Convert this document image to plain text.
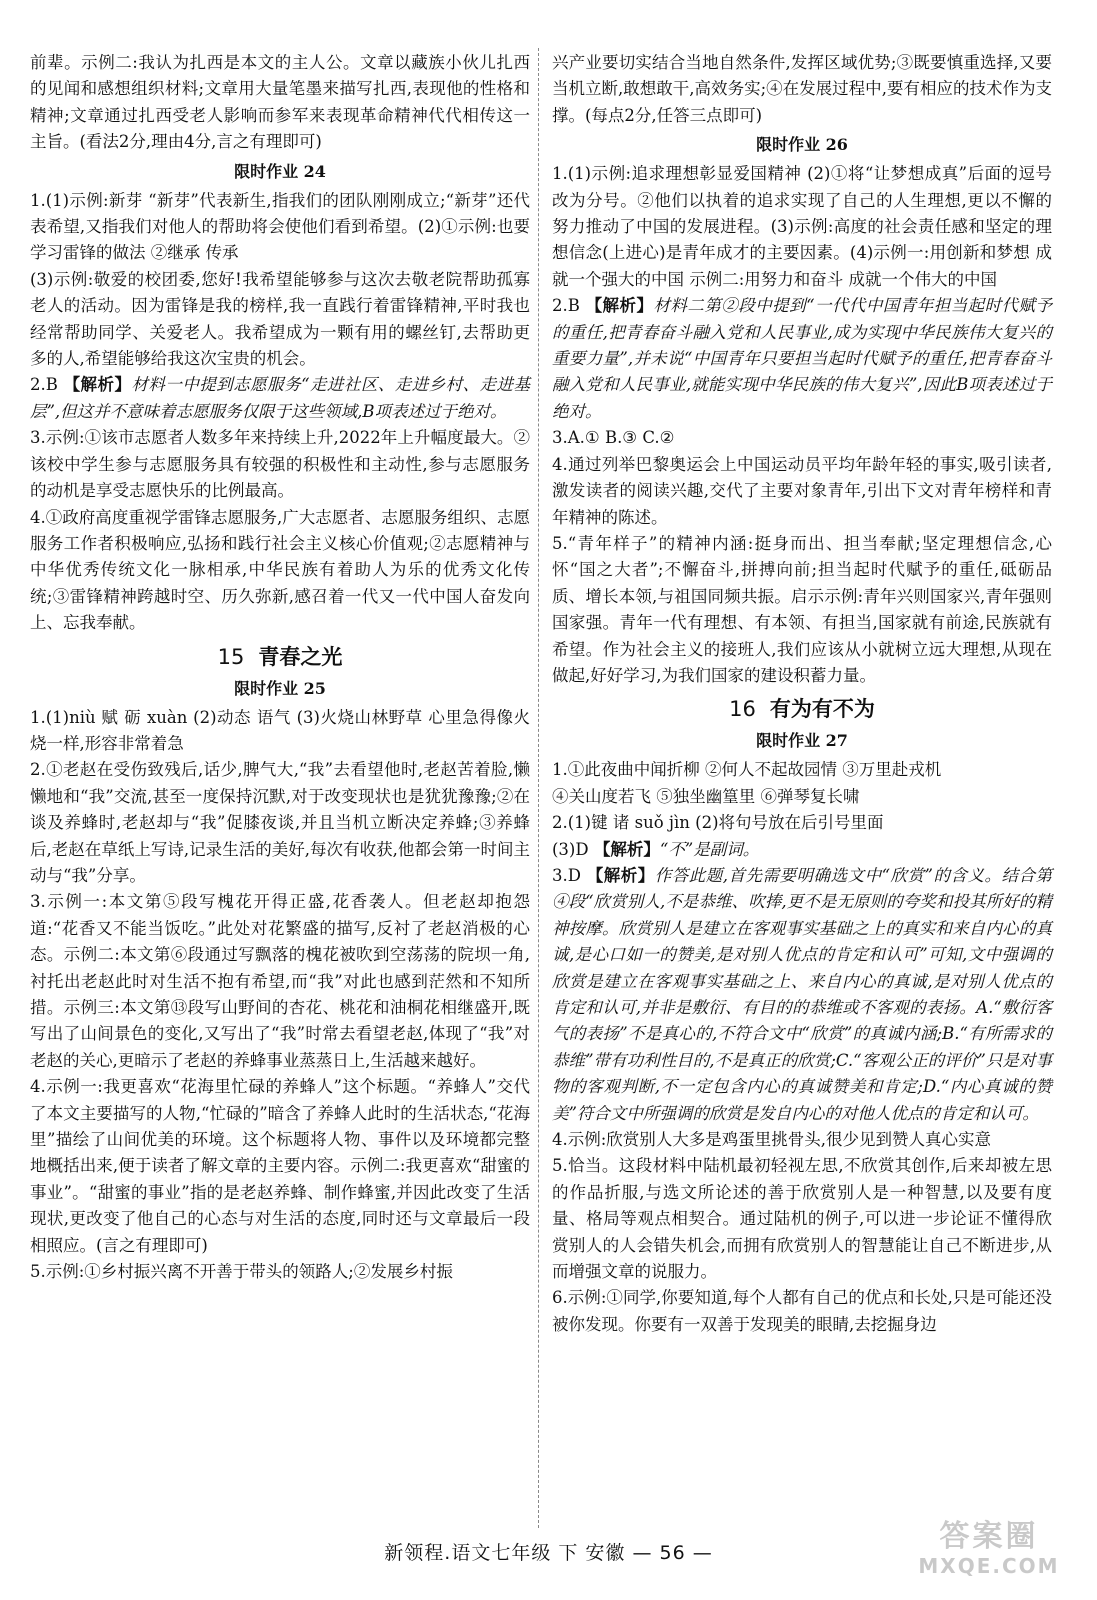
前辈。示例二:我认为扎西是本文的主人公。文章以藏族小伙儿扎西的见闻和感想组织材料;文章用大量笔墨来描写扎西,表现他的性格和精神;文章通过扎西受老人影响而参军来表现革命精神代代相传这一主旨。(看法2分,理由4分,言之有理即可)

限时作业 24

1.(1)示例:新芽 “新芽”代表新生,指我们的团队刚刚成立;“新芽”还代表希望,又指我们对他人的帮助将会使他们看到希望。(2)①示例:也要学习雷锋的做法 ②继承 传承

(3)示例:敬爱的校团委,您好!我希望能够参与这次去敬老院帮助孤寡老人的活动。因为雷锋是我的榜样,我一直践行着雷锋精神,平时我也经常帮助同学、关爱老人。我希望成为一颗有用的螺丝钉,去帮助更多的人,希望能够给我这次宝贵的机会。

2.B 【解析】材料一中提到志愿服务“走进社区、走进乡村、走进基层”,但这并不意味着志愿服务仅限于这些领域,B项表述过于绝对。

3.示例:①该市志愿者人数多年来持续上升,2022年上升幅度最大。②该校中学生参与志愿服务具有较强的积极性和主动性,参与志愿服务的动机是享受志愿快乐的比例最高。

4.①政府高度重视学雷锋志愿服务,广大志愿者、志愿服务组织、志愿服务工作者积极响应,弘扬和践行社会主义核心价值观;②志愿精神与中华优秀传统文化一脉相承,中华民族有着助人为乐的优秀文化传统;③雷锋精神跨越时空、历久弥新,感召着一代又一代中国人奋发向上、忘我奉献。

15 青春之光
限时作业 25

1.(1)niù 赋 砺 xuàn (2)动态 语气 (3)火烧山林野草 心里急得像火烧一样,形容非常着急

2.①老赵在受伤致残后,话少,脾气大,“我”去看望他时,老赵苦着脸,懒懒地和“我”交流,甚至一度保持沉默,对于改变现状也是犹犹豫豫;②在谈及养蜂时,老赵却与“我”促膝夜谈,并且当机立断决定养蜂;③养蜂后,老赵在草纸上写诗,记录生活的美好,每次有收获,他都会第一时间主动与“我”分享。

3.示例一:本文第⑤段写槐花开得正盛,花香袭人。但老赵却抱怨道:“花香又不能当饭吃。”此处对花繁盛的描写,反衬了老赵消极的心态。示例二:本文第⑥段通过写飘落的槐花被吹到空荡荡的院坝一角,衬托出老赵此时对生活不抱有希望,而“我”对此也感到茫然和不知所措。示例三:本文第⑬段写山野间的杏花、桃花和油桐花相继盛开,既写出了山间景色的变化,又写出了“我”时常去看望老赵,体现了“我”对老赵的关心,更暗示了老赵的养蜂事业蒸蒸日上,生活越来越好。

4.示例一:我更喜欢“花海里忙碌的养蜂人”这个标题。“养蜂人”交代了本文主要描写的人物,“忙碌的”暗含了养蜂人此时的生活状态,“花海里”描绘了山间优美的环境。这个标题将人物、事件以及环境都完整地概括出来,便于读者了解文章的主要内容。示例二:我更喜欢“甜蜜的事业”。“甜蜜的事业”指的是老赵养蜂、制作蜂蜜,并因此改变了生活现状,更改变了他自己的心态与对生活的态度,同时还与文章最后一段相照应。(言之有理即可)

5.示例:①乡村振兴离不开善于带头的领路人;②发展乡村振

兴产业要切实结合当地自然条件,发挥区域优势;③既要慎重选择,又要当机立断,敢想敢干,高效务实;④在发展过程中,要有相应的技术作为支撑。(每点2分,任答三点即可)

限时作业 26

1.(1)示例:追求理想彰显爱国精神 (2)①将“让梦想成真”后面的逗号改为分号。②他们以执着的追求实现了自己的人生理想,更以不懈的努力推动了中国的发展进程。(3)示例:高度的社会责任感和坚定的理想信念(上进心)是青年成才的主要因素。(4)示例一:用创新和梦想 成就一个强大的中国 示例二:用努力和奋斗 成就一个伟大的中国

2.B 【解析】材料二第②段中提到“一代代中国青年担当起时代赋予的重任,把青春奋斗融入党和人民事业,成为实现中华民族伟大复兴的重要力量”,并未说“中国青年只要担当起时代赋予的重任,把青春奋斗融入党和人民事业,就能实现中华民族的伟大复兴”,因此B项表述过于绝对。

3.A.① B.③ C.②

4.通过列举巴黎奥运会上中国运动员平均年龄年轻的事实,吸引读者,激发读者的阅读兴趣,交代了主要对象青年,引出下文对青年榜样和青年精神的陈述。

5.“青年样子”的精神内涵:挺身而出、担当奉献;坚定理想信念,心怀“国之大者”;不懈奋斗,拼搏向前;担当起时代赋予的重任,砥砺品质、增长本领,与祖国同频共振。启示示例:青年兴则国家兴,青年强则国家强。青年一代有理想、有本领、有担当,国家就有前途,民族就有希望。作为社会主义的接班人,我们应该从小就树立远大理想,从现在做起,好好学习,为我们国家的建设积蓄力量。

16 有为有不为
限时作业 27

1.①此夜曲中闻折柳 ②何人不起故园情 ③万里赴戎机

④关山度若飞 ⑤独坐幽篁里 ⑥弹琴复长啸

2.(1)键 诸 suǒ jìn (2)将句号放在后引号里面

(3)D 【解析】“不”是副词。

3.D 【解析】作答此题,首先需要明确选文中“欣赏”的含义。结合第④段“欣赏别人,不是恭维、吹捧,更不是无原则的夸奖和投其所好的精神按摩。欣赏别人是建立在客观事实基础之上的真实和来自内心的真诚,是心口如一的赞美,是对别人优点的肯定和认可”可知,文中强调的欣赏是建立在客观事实基础之上、来自内心的真诚,是对别人优点的肯定和认可,并非是敷衍、有目的的恭维或不客观的表扬。A.“敷衍客气的表扬”不是真心的,不符合文中“欣赏”的真诚内涵;B.“有所需求的恭维”带有功利性目的,不是真正的欣赏;C.“客观公正的评价”只是对事物的客观判断,不一定包含内心的真诚赞美和肯定;D.“内心真诚的赞美”符合文中所强调的欣赏是发自内心的对他人优点的肯定和认可。

4.示例:欣赏别人大多是鸡蛋里挑骨头,很少见到赞人真心实意

5.恰当。这段材料中陆机最初轻视左思,不欣赏其创作,后来却被左思的作品折服,与选文所论述的善于欣赏别人是一种智慧,以及要有度量、格局等观点相契合。通过陆机的例子,可以进一步论证不懂得欣赏别人的人会错失机会,而拥有欣赏别人的智慧能让自己不断进步,从而增强文章的说服力。

6.示例:①同学,你要知道,每个人都有自己的优点和长处,只是可能还没被你发现。你要有一双善于发现美的眼睛,去挖掘身边

新领程.语文七年级 下 安徽 — 56 —	答案圈
MXQE.COM
